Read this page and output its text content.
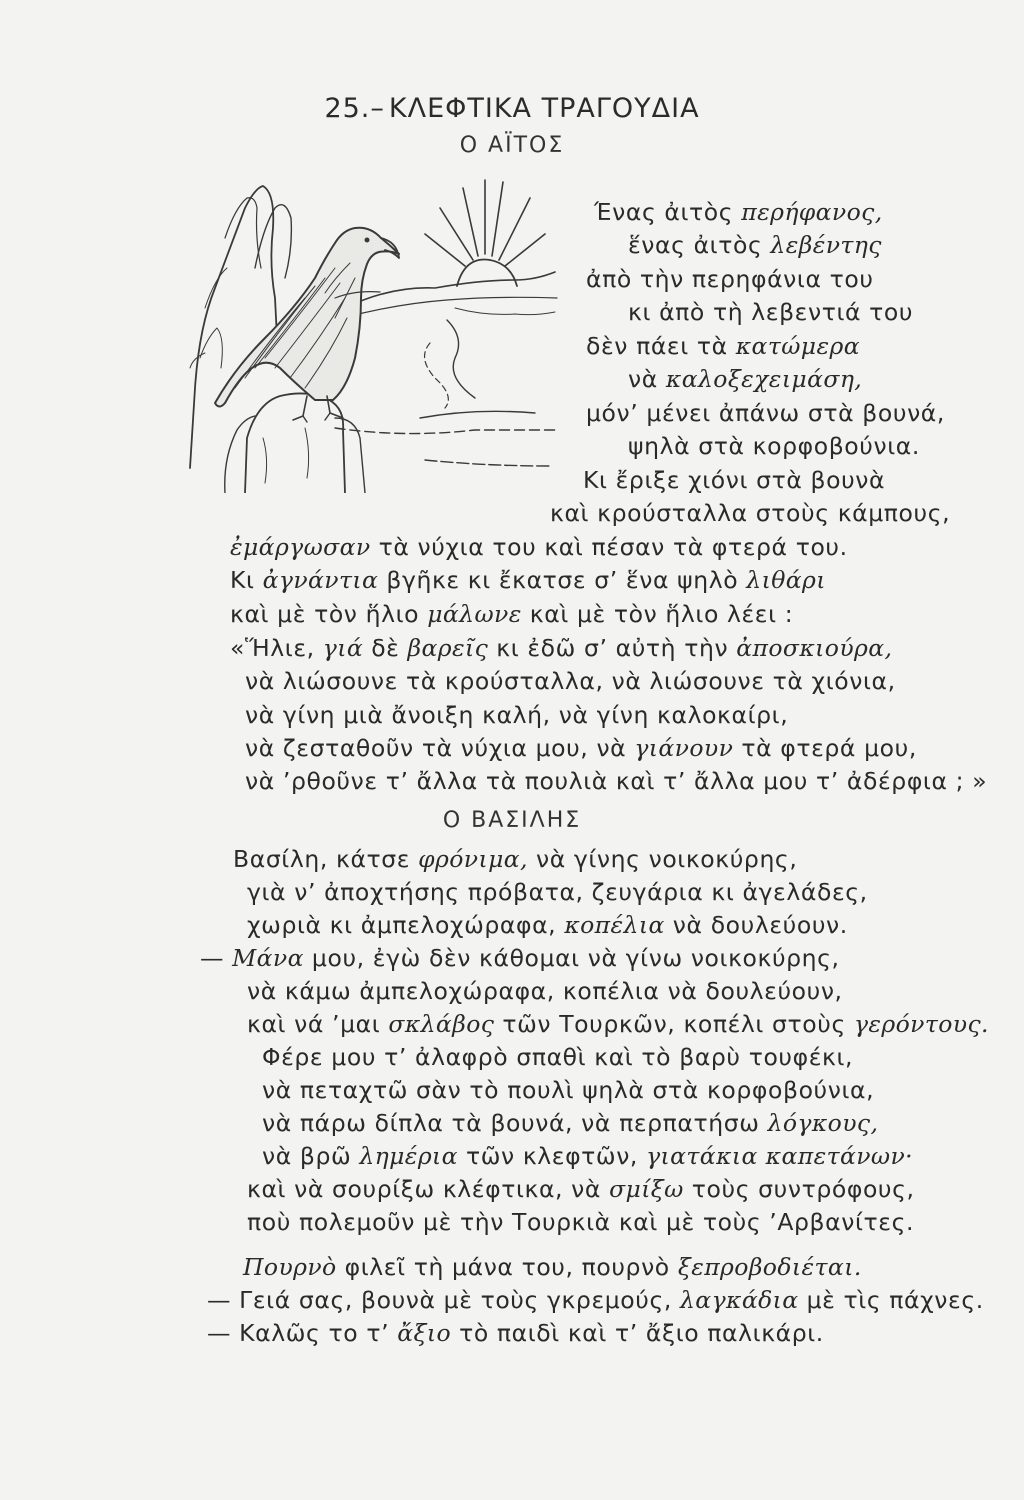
25.– ΚΛΕΦΤΙΚΑ ΤΡΑΓΟΥΔΙΑ
Ο ΑΪΤΟΣ
Ένας ἀιτὸς περήφανος,
ἕνας ἀιτὸς λεβέντης
ἀπὸ τὴν περηφάνια του
κι ἀπὸ τὴ λεβεντιά του
δὲν πάει τὰ κατώμερα
νὰ καλοξεχειμάση,
μόν’ μένει ἀπάνω στὰ βουνά,
ψηλὰ στὰ κορφοβούνια.
Κι ἔριξε χιόνι στὰ βουνὰ
καὶ κρούσταλλα στοὺς κάμπους,
ἐμάργωσαν τὰ νύχια του καὶ πέσαν τὰ φτερά του.
Κι ἀγνάντια βγῆκε κι ἔκατσε σ’ ἕνα ψηλὸ λιθάρι
καὶ μὲ τὸν ἥλιο μάλωνε καὶ μὲ τὸν ἥλιο λέει :
«Ἥλιε, γιά δὲ βαρεῖς κι ἐδῶ σ’ αὐτὴ τὴν ἀποσκιούρα,
νὰ λιώσουνε τὰ κρούσταλλα, νὰ λιώσουνε τὰ χιόνια,
νὰ γίνη μιὰ ἄνοιξη καλή, νὰ γίνη καλοκαίρι,
νὰ ζεσταθοῦν τὰ νύχια μου, νὰ γιάνουν τὰ φτερά μου,
νὰ ’ρθοῦνε τ’ ἄλλα τὰ πουλιὰ καὶ τ’ ἄλλα μου τ’ ἀδέρφια ; »
Ο ΒΑΣΙΛΗΣ
Βασίλη, κάτσε φρόνιμα, νὰ γίνης νοικοκύρης,
γιὰ ν’ ἀποχτήσης πρόβατα, ζευγάρια κι ἀγελάδες,
χωριὰ κι ἀμπελοχώραφα, κοπέλια νὰ δουλεύουν.
— Μάνα μου, ἐγὼ δὲν κάθομαι νὰ γίνω νοικοκύρης,
νὰ κάμω ἀμπελοχώραφα, κοπέλια νὰ δουλεύουν,
καὶ νά ’μαι σκλάβος τῶν Τουρκῶν, κοπέλι στοὺς γερόντους.
Φέρε μου τ’ ἀλαφρὸ σπαθὶ καὶ τὸ βαρὺ τουφέκι,
νὰ πεταχτῶ σὰν τὸ πουλὶ ψηλὰ στὰ κορφοβούνια,
νὰ πάρω δίπλα τὰ βουνά, νὰ περπατήσω λόγκους,
νὰ βρῶ λημέρια τῶν κλεφτῶν, γιατάκια καπετάνων·
καὶ νὰ σουρίξω κλέφτικα, νὰ σμίξω τοὺς συντρόφους,
ποὺ πολεμοῦν μὲ τὴν Τουρκιὰ καὶ μὲ τοὺς ’Αρβανίτες.
Πουρνὸ φιλεῖ τὴ μάνα του, πουρνὸ ξεπροβοδιέται.
— Γειά σας, βουνὰ μὲ τοὺς γκρεμούς, λαγκάδια μὲ τὶς πάχνες.
— Καλῶς το τ’ ἄξιο τὸ παιδὶ καὶ τ’ ἄξιο παλικάρι.
